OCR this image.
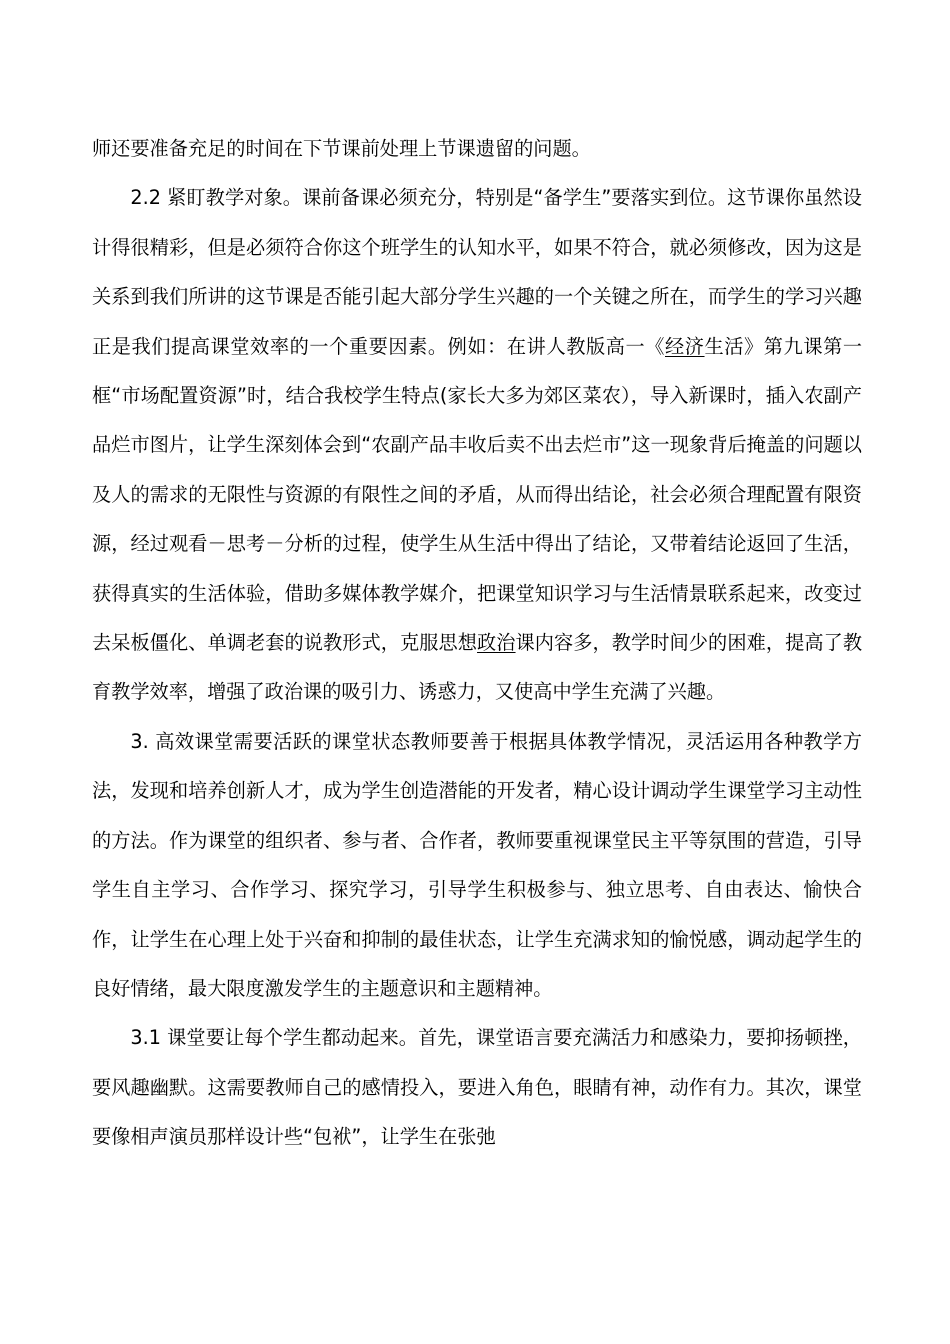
师还要准备充足的时间在下节课前处理上节课遗留的问题。

2.2 紧盯教学对象。课前备课必须充分，特别是“备学生”要落实到位。这节课你虽然设计得很精彩，但是必须符合你这个班学生的认知水平，如果不符合，就必须修改，因为这是关系到我们所讲的这节课是否能引起大部分学生兴趣的一个关键之所在，而学生的学习兴趣正是我们提高课堂效率的一个重要因素。例如：在讲人教版高一《经济生活》第九课第一框“市场配置资源”时，结合我校学生特点(家长大多为郊区菜农），导入新课时，插入农副产品烂市图片，让学生深刻体会到“农副产品丰收后卖不出去烂市”这一现象背后掩盖的问题以及人的需求的无限性与资源的有限性之间的矛盾，从而得出结论，社会必须合理配置有限资源，经过观看－思考－分析的过程，使学生从生活中得出了结论，又带着结论返回了生活，获得真实的生活体验，借助多媒体教学媒介，把课堂知识学习与生活情景联系起来，改变过去呆板僵化、单调老套的说教形式，克服思想政治课内容多，教学时间少的困难，提高了教育教学效率，增强了政治课的吸引力、诱惑力，又使高中学生充满了兴趣。

3. 高效课堂需要活跃的课堂状态教师要善于根据具体教学情况，灵活运用各种教学方法，发现和培养创新人才，成为学生创造潜能的开发者，精心设计调动学生课堂学习主动性的方法。作为课堂的组织者、参与者、合作者，教师要重视课堂民主平等氛围的营造，引导学生自主学习、合作学习、探究学习，引导学生积极参与、独立思考、自由表达、愉快合作，让学生在心理上处于兴奋和抑制的最佳状态，让学生充满求知的愉悦感，调动起学生的良好情绪，最大限度激发学生的主题意识和主题精神。

3.1 课堂要让每个学生都动起来。首先，课堂语言要充满活力和感染力，要抑扬顿挫，要风趣幽默。这需要教师自己的感情投入，要进入角色，眼睛有神，动作有力。其次，课堂要像相声演员那样设计些“包袱”，让学生在张弛
